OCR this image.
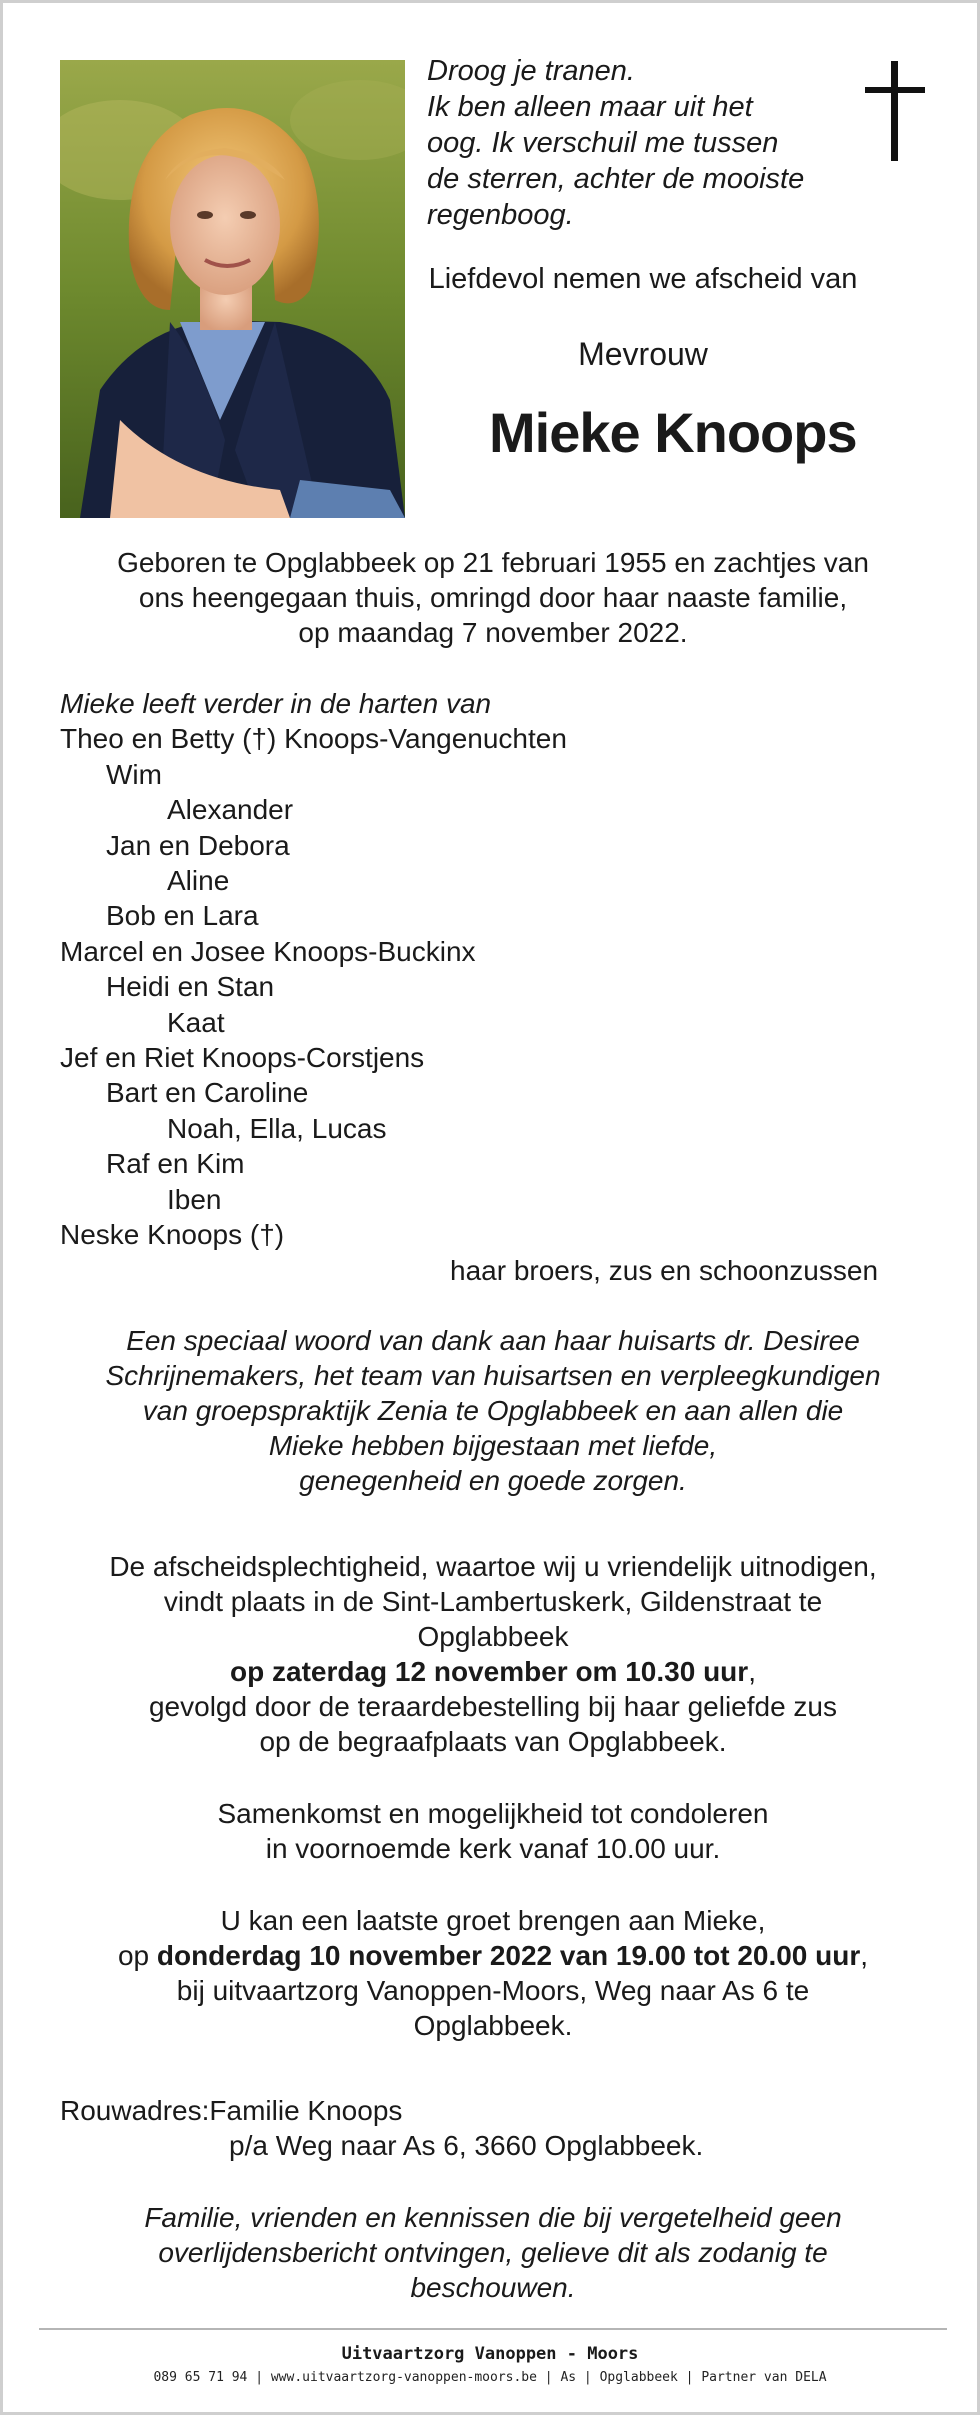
Droog je tranen.
Ik ben alleen maar uit het
oog. Ik verschuil me tussen
de sterren, achter de mooiste
regenboog.
Liefdevol nemen we afscheid van
Mevrouw
Mieke Knoops
Geboren te Opglabbeek op 21 februari 1955 en zachtjes van
ons heengegaan thuis, omringd door haar naaste familie,
op maandag 7 november 2022.
Mieke leeft verder in de harten van
Theo en Betty (†) Knoops-Vangenuchten
Wim
Alexander
Jan en Debora
Aline
Bob en Lara
Marcel en Josee Knoops-Buckinx
Heidi en Stan
Kaat
Jef en Riet Knoops-Corstjens
Bart en Caroline
Noah, Ella, Lucas
Raf en Kim
Iben
Neske Knoops (†)
haar broers, zus en schoonzussen
Een speciaal woord van dank aan haar huisarts dr. Desiree
Schrijnemakers, het team van huisartsen en verpleegkundigen
van groepspraktijk Zenia te Opglabbeek en aan allen die
Mieke hebben bijgestaan met liefde,
genegenheid en goede zorgen.
De afscheidsplechtigheid, waartoe wij u vriendelijk uitnodigen,
vindt plaats in de Sint-Lambertuskerk, Gildenstraat te
Opglabbeek
op zaterdag 12 november om 10.30 uur,
gevolgd door de teraardebestelling bij haar geliefde zus
op de begraafplaats van Opglabbeek.
Samenkomst en mogelijkheid tot condoleren
in voornoemde kerk vanaf 10.00 uur.
U kan een laatste groet brengen aan Mieke,
op donderdag 10 november 2022 van 19.00 tot 20.00 uur,
bij uitvaartzorg Vanoppen-Moors, Weg naar As 6 te
Opglabbeek.
Rouwadres:Familie Knoops
p/a Weg naar As 6, 3660 Opglabbeek.
Familie, vrienden en kennissen die bij vergetelheid geen
overlijdensbericht ontvingen, gelieve dit als zodanig te
beschouwen.
Uitvaartzorg Vanoppen - Moors
089 65 71 94 | www.uitvaartzorg-vanoppen-moors.be | As | Opglabbeek | Partner van DELA
